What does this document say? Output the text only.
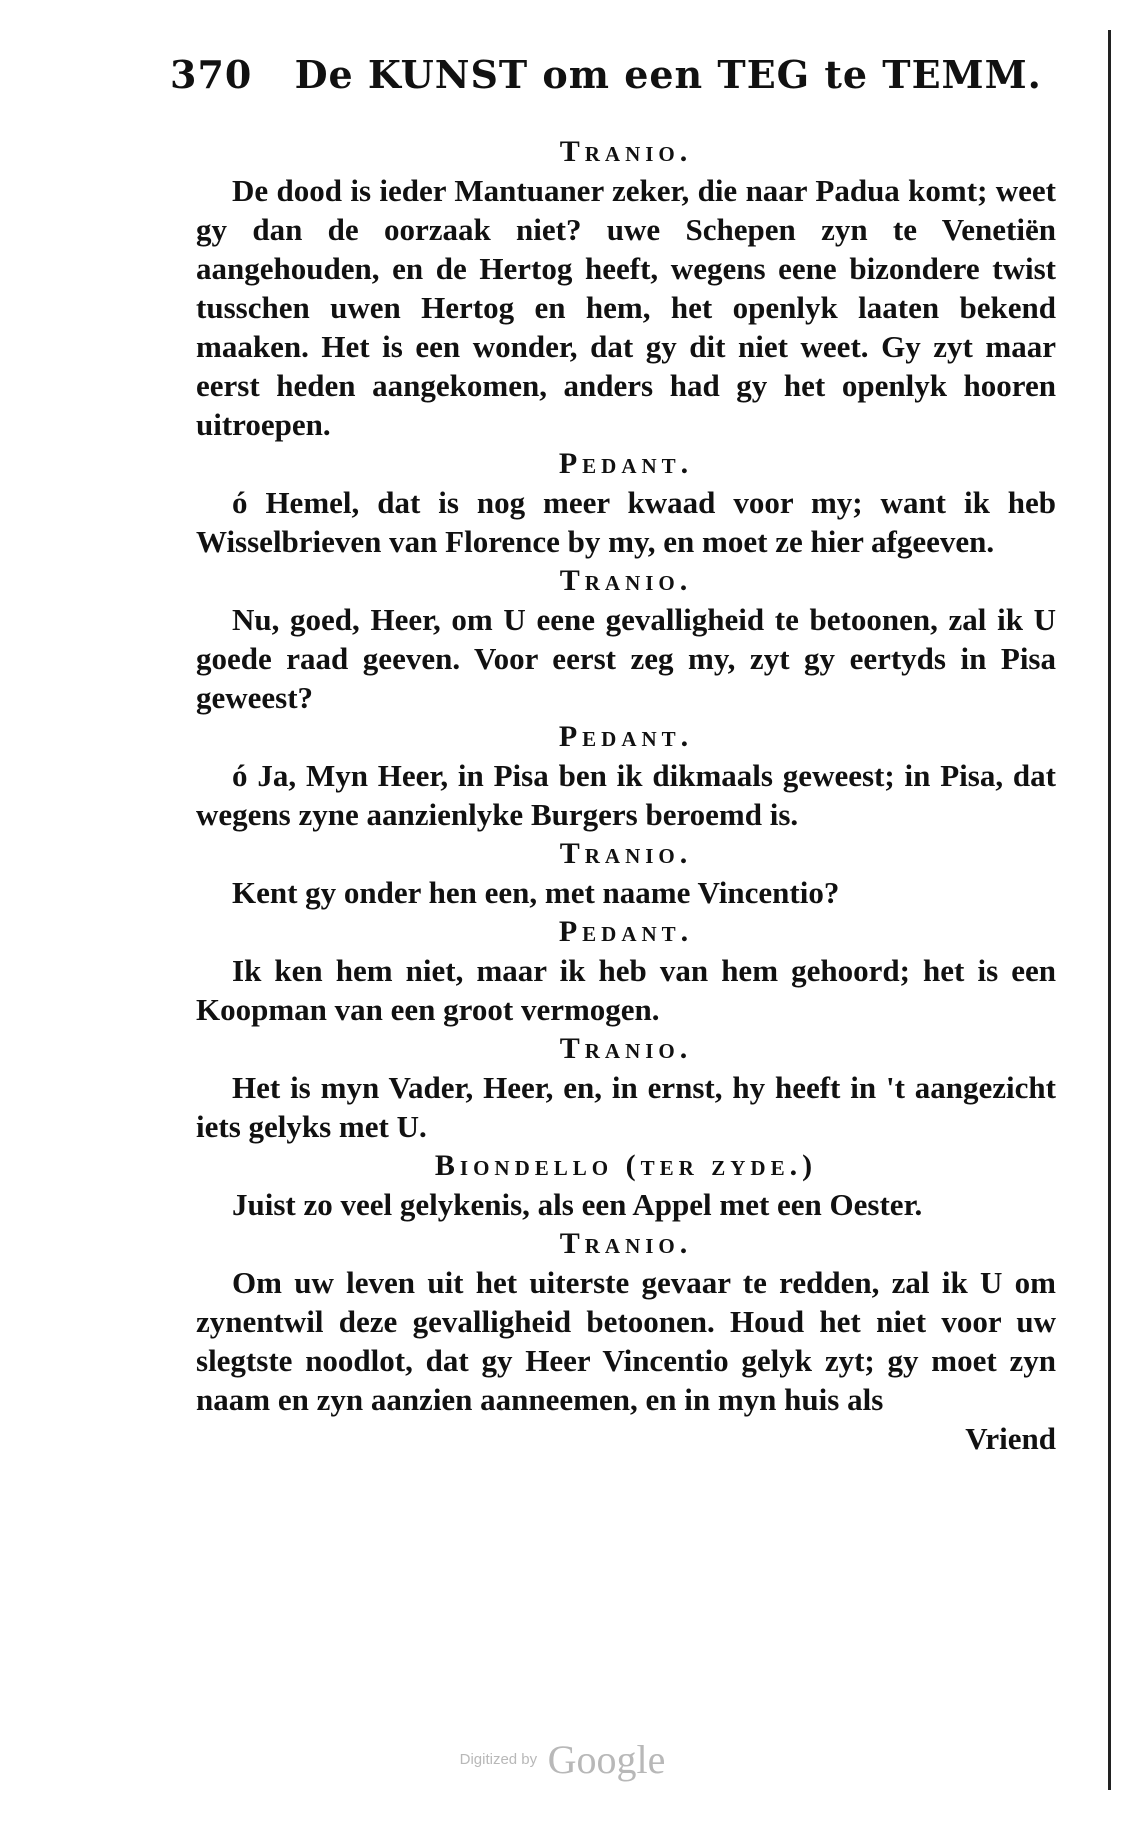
370 De KUNST om een TEG te TEMM.

Tranio.

De dood is ieder Mantuaner zeker, die naar Padua komt; weet gy dan de oorzaak niet? uwe Schepen zyn te Venetiën aangehouden, en de Hertog heeft, wegens eene bizondere twist tusschen uwen Hertog en hem, het openlyk laaten bekend maaken. Het is een wonder, dat gy dit niet weet. Gy zyt maar eerst heden aangekomen, anders had gy het openlyk hooren uitroepen.

Pedant.

ó Hemel, dat is nog meer kwaad voor my; want ik heb Wisselbrieven van Florence by my, en moet ze hier afgeeven.

Tranio.

Nu, goed, Heer, om U eene gevalligheid te betoonen, zal ik U goede raad geeven. Voor eerst zeg my, zyt gy eertyds in Pisa geweest?

Pedant.

ó Ja, Myn Heer, in Pisa ben ik dikmaals geweest; in Pisa, dat wegens zyne aanzienlyke Burgers beroemd is.

Tranio.

Kent gy onder hen een, met naame Vincentio?

Pedant.

Ik ken hem niet, maar ik heb van hem gehoord; het is een Koopman van een groot vermogen.

Tranio.

Het is myn Vader, Heer, en, in ernst, hy heeft in 't aangezicht iets gelyks met U.

Biondello (ter zyde.)

Juist zo veel gelykenis, als een Appel met een Oester.

Tranio.

Om uw leven uit het uiterste gevaar te redden, zal ik U om zynentwil deze gevalligheid betoonen. Houd het niet voor uw slegtste noodlot, dat gy Heer Vincentio gelyk zyt; gy moet zyn naam en zyn aanzien aanneemen, en in myn huis als

Vriend

Digitized by Google
